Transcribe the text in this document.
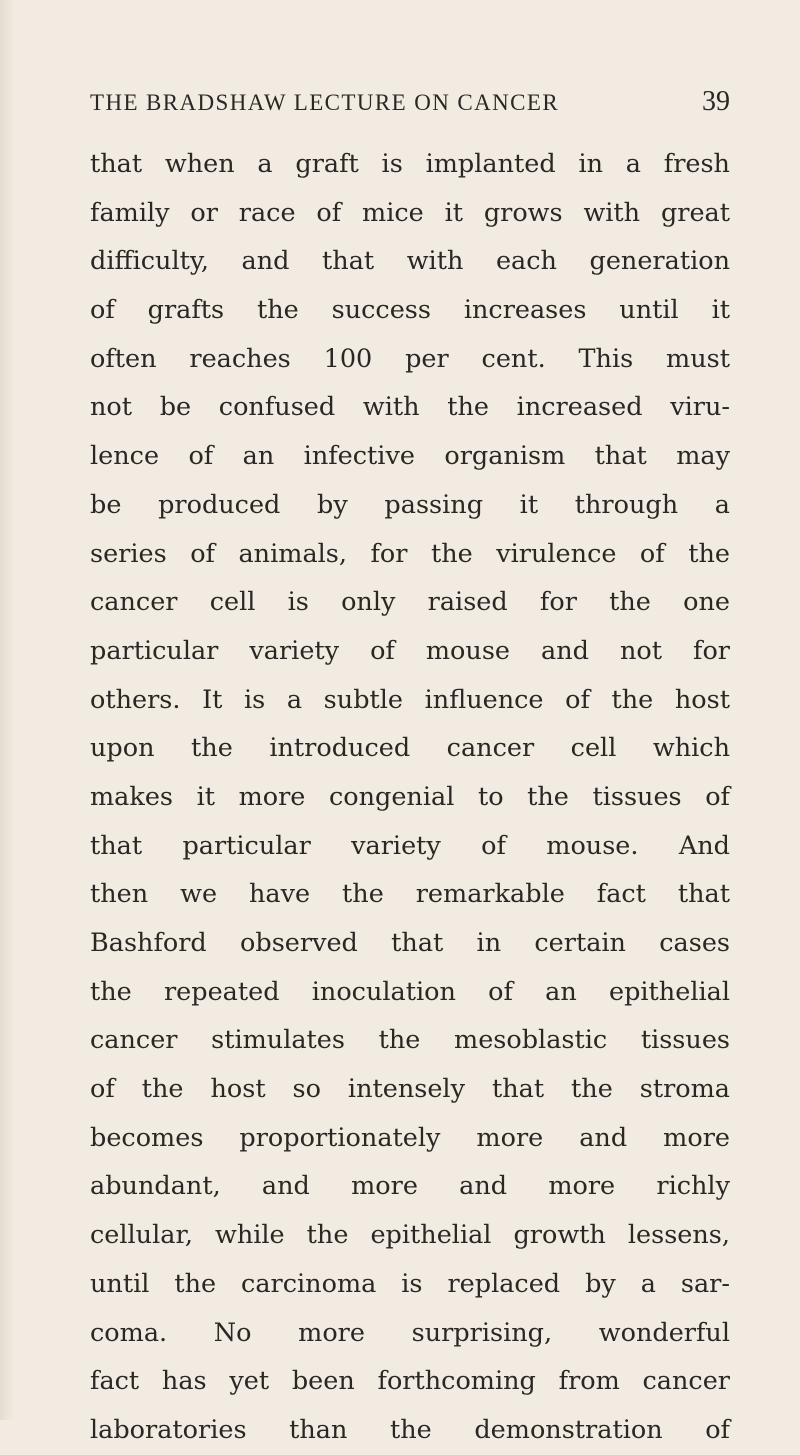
THE BRADSHAW LECTURE ON CANCER	39
that when a graft is implanted in a fresh
family or race of mice it grows with great
difficulty, and that with each generation
of grafts the success increases until it
often reaches 100 per cent. This must
not be confused with the increased viru-
lence of an infective organism that may
be produced by passing it through a
series of animals, for the virulence of the
cancer cell is only raised for the one
particular variety of mouse and not for
others. It is a subtle influence of the host
upon the introduced cancer cell which
makes it more congenial to the tissues of
that particular variety of mouse. And
then we have the remarkable fact that
Bashford observed that in certain cases
the repeated inoculation of an epithelial
cancer stimulates the mesoblastic tissues
of the host so intensely that the stroma
becomes proportionately more and more
abundant, and more and more richly
cellular, while the epithelial growth lessens,
until the carcinoma is replaced by a sar-
coma. No more surprising, wonderful
fact has yet been forthcoming from cancer
laboratories than the demonstration of
